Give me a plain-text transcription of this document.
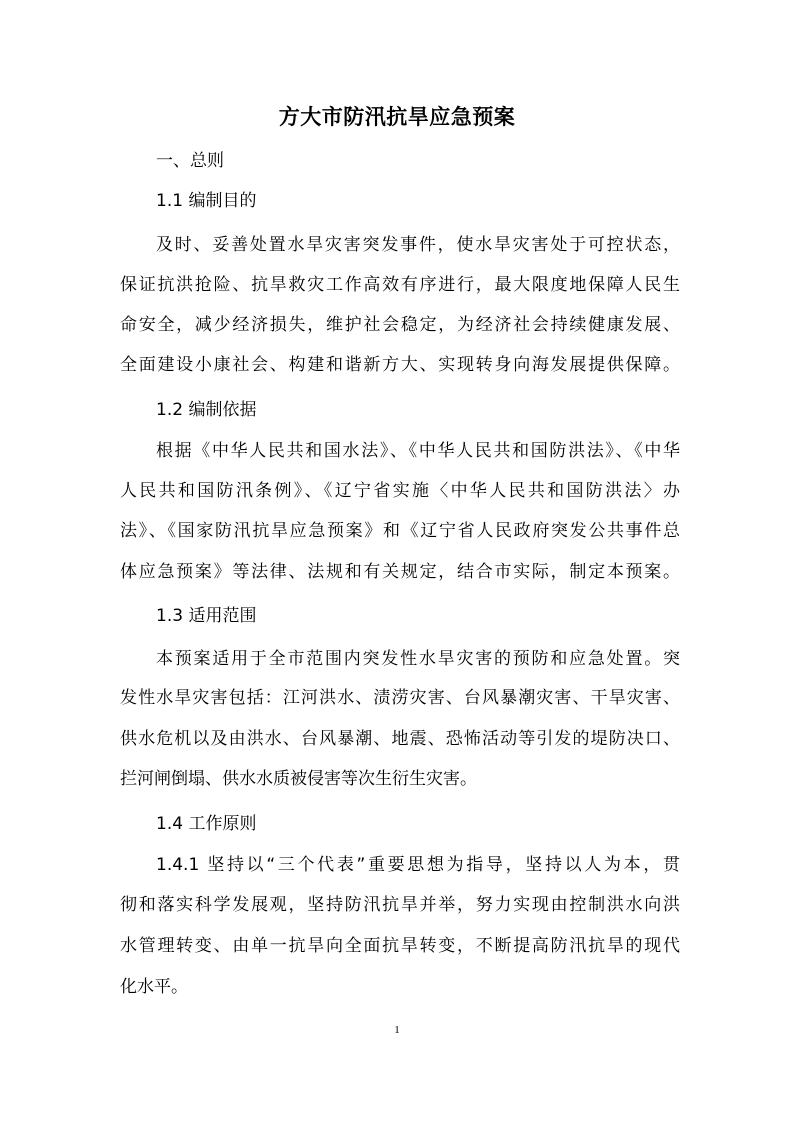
方大市防汛抗旱应急预案
一、总则
1.1 编制目的
及时、妥善处置水旱灾害突发事件，使水旱灾害处于可控状态，
保证抗洪抢险、抗旱救灾工作高效有序进行，最大限度地保障人民生
命安全，减少经济损失，维护社会稳定，为经济社会持续健康发展、
全面建设小康社会、构建和谐新方大、实现转身向海发展提供保障。
1.2 编制依据
根据《中华人民共和国水法》、《中华人民共和国防洪法》、《中华
人民共和国防汛条例》、《辽宁省实施〈中华人民共和国防洪法〉办
法》、《国家防汛抗旱应急预案》和《辽宁省人民政府突发公共事件总
体应急预案》等法律、法规和有关规定，结合市实际，制定本预案。
1.3 适用范围
本预案适用于全市范围内突发性水旱灾害的预防和应急处置。突
发性水旱灾害包括：江河洪水、渍涝灾害、台风暴潮灾害、干旱灾害、
供水危机以及由洪水、台风暴潮、地震、恐怖活动等引发的堤防决口、
拦河闸倒塌、供水水质被侵害等次生衍生灾害。
1.4 工作原则
1.4.1 坚持以“三个代表”重要思想为指导，坚持以人为本，贯
彻和落实科学发展观，坚持防汛抗旱并举，努力实现由控制洪水向洪
水管理转变、由单一抗旱向全面抗旱转变，不断提高防汛抗旱的现代
化水平。
1
